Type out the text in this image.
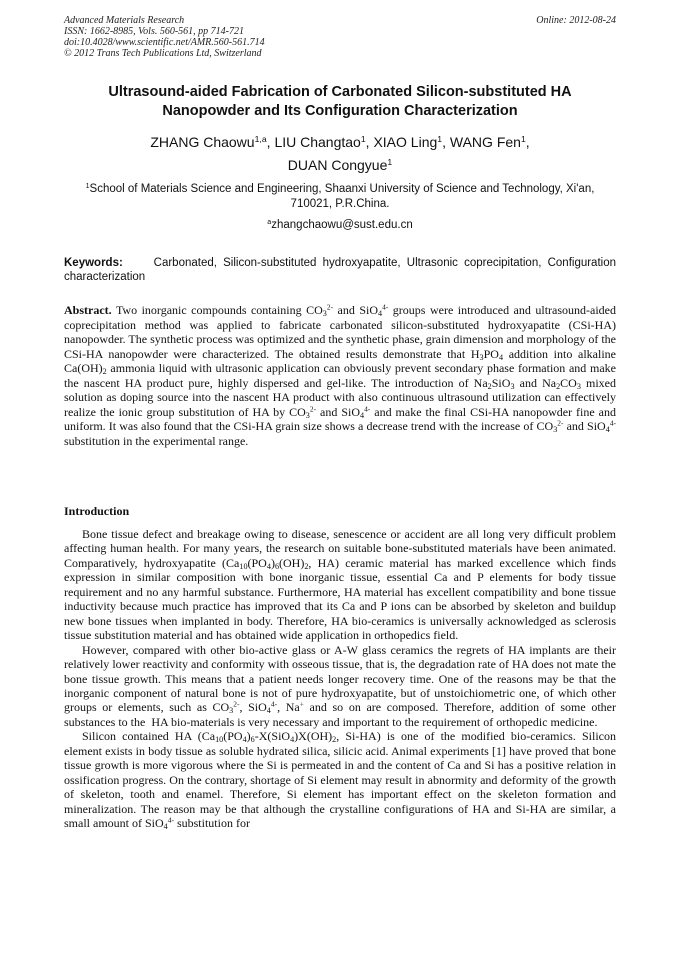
Advanced Materials Research
ISSN: 1662-8985, Vols. 560-561, pp 714-721
doi:10.4028/www.scientific.net/AMR.560-561.714
© 2012 Trans Tech Publications Ltd, Switzerland
Online: 2012-08-24
Ultrasound-aided Fabrication of Carbonated Silicon-substituted HA Nanopowder and Its Configuration Characterization
ZHANG Chaowu$^{1,a}$, LIU Changtao$^1$, XIAO Ling$^1$, WANG Fen$^1$,
DUAN Congyue$^1$
$^1$School of Materials Science and Engineering, Shaanxi University of Science and Technology, Xi'an, 710021, P.R.China.
$^a$zhangchaowu@sust.edu.cn
Keywords:	Carbonated, Silicon-substituted hydroxyapatite, Ultrasonic coprecipitation, Configuration characterization
Abstract. Two inorganic compounds containing $CO_3^{2-}$ and SiO$_4^{4-}$ groups were introduced and ultrasound-aided coprecipitation method was applied to fabricate carbonated silicon-substituted hydroxyapatite (CSi-HA) nanopowder. The synthetic process was optimized and the synthetic phase, grain dimension and morphology of the CSi-HA nanopowder were characterized. The obtained results demonstrate that $H_3PO_4$ addition into alkaline $Ca(OH)_2$ ammonia liquid with ultrasonic application can obviously prevent secondary phase formation and make the nascent HA product pure, highly dispersed and gel-like. The introduction of $Na_2SiO_3$ and $Na_2CO_3$ mixed solution as doping source into the nascent HA product with also continuous ultrasound utilization can effectively realize the ionic group substitution of HA by $CO_3^{2-}$ and SiO$_4^{4-}$ and make the final CSi-HA nanopowder fine and uniform. It was also found that the CSi-HA grain size shows a decrease trend with the increase of $CO_3^{2-}$ and SiO$_4^{4-}$ substitution in the experimental range.
Introduction

Bone tissue defect and breakage owing to disease, senescence or accident are all long very difficult problem affecting human health. For many years, the research on suitable bone-substituted materials have been animated. Comparatively, hydroxyapatite ($Ca_{10}(PO_4)_6(OH)_2$, HA) ceramic material has marked excellence which finds expression in similar composition with bone inorganic tissue, essential Ca and P elements for body tissue requirement and no any harmful substance. Furthermore, HA material has excellent compatibility and bone tissue inductivity because much practice has improved that its Ca and P ions can be absorbed by skeleton and buildup new bone tissues when implanted in body. Therefore, HA bio-ceramics is universally acknowledged as sclerosis tissue substitution material and has obtained wide application in orthopedics field.

However, compared with other bio-active glass or A-W glass ceramics the regrets of HA implants are their relatively lower reactivity and conformity with osseous tissue, that is, the degradation rate of HA does not mate the bone tissue growth. This means that a patient needs longer recovery time. One of the reasons may be that the inorganic component of natural bone is not of pure hydroxyapatite, but of unstoichiometric one, of which other groups or elements, such as $CO_3^{2-}$, SiO$_4^{4-}$, Na+ and so on are composed. Therefore, addition of some other substances to the  HA bio-materials is very necessary and important to the requirement of orthopedic medicine.

Silicon contained HA ($Ca_{10}(PO_4)_6-X(SiO_4)X(OH)_2$, Si-HA) is one of the modified bio-ceramics. Silicon element exists in body tissue as soluble hydrated silica, silicic acid. Animal experiments [1] have proved that bone tissue growth is more vigorous where the Si is permeated in and the content of Ca and Si has a positive relation in ossification progress. On the contrary, shortage of Si element may result in abnormity and deformity of the growth of skeleton, tooth and enamel. Therefore, Si element has important effect on the skeleton formation and mineralization. The reason may be that although the crystalline configurations of HA and Si-HA are similar, a small amount of SiO$_4^{4-}$ substitution for
